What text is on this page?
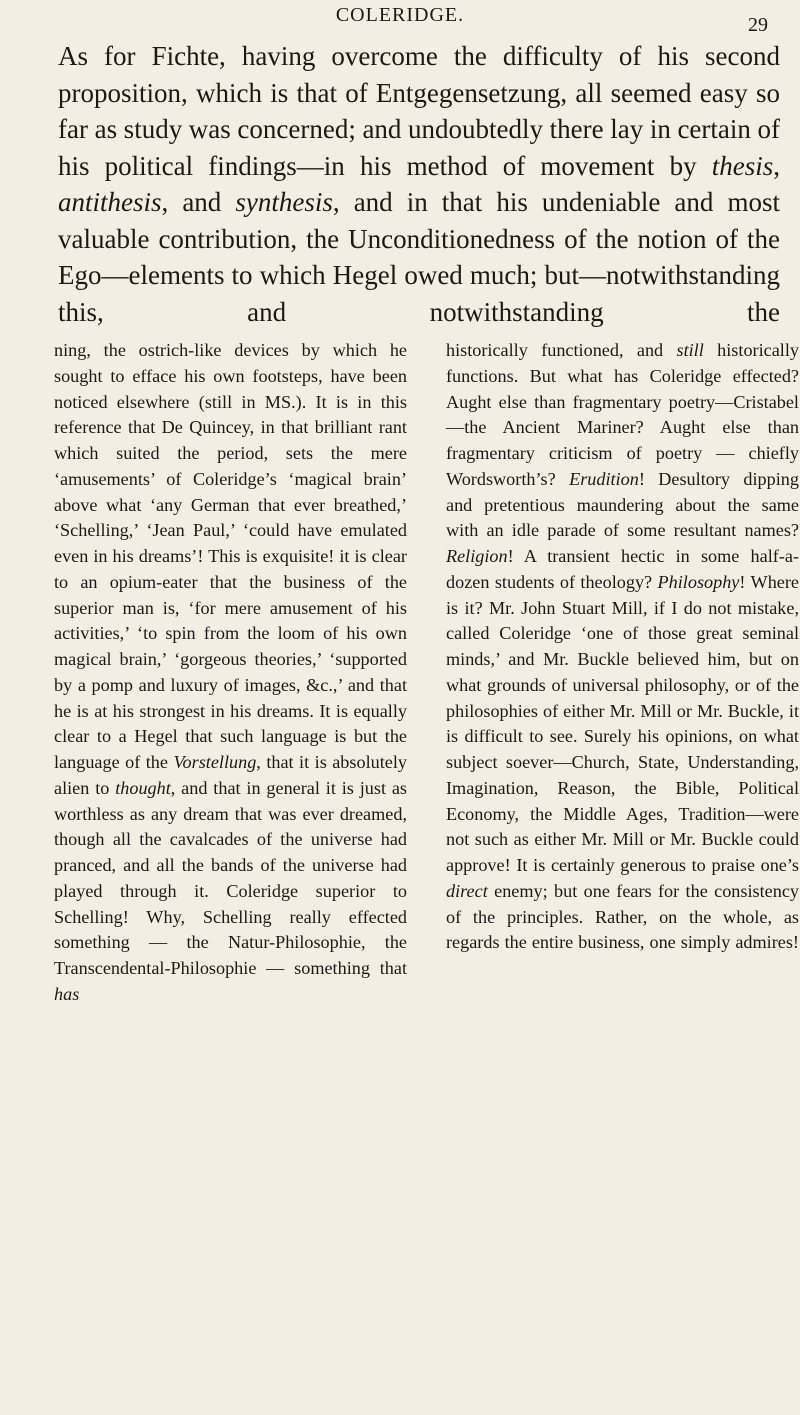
COLERIDGE.	29

As for Fichte, having overcome the difficulty of his second proposition, which is that of Entgegensetzung, all seemed easy so far as study was concerned; and undoubtedly there lay in certain of his political findings—in his method of movement by thesis, antithesis, and synthesis, and in that his undeniable and most valuable contribution, the Unconditionedness of the notion of the Ego—elements to which Hegel owed much; but—notwithstanding this, and notwithstanding the

ning, the ostrich-like devices by which he sought to efface his own footsteps, have been noticed elsewhere (still in MS.). It is in this reference that De Quincey, in that brilliant rant which suited the period, sets the mere ‘amusements’ of Coleridge’s ‘magical brain’ above what ‘any German that ever breathed,’ ‘Schelling,’ ‘Jean Paul,’ ‘could have emulated even in his dreams’! This is exquisite! it is clear to an opium-eater that the business of the superior man is, ‘for mere amusement of his activities,’ ‘to spin from the loom of his own magical brain,’ ‘gorgeous theories,’ ‘supported by a pomp and luxury of images, &c.,’ and that he is at his strongest in his dreams. It is equally clear to a Hegel that such language is but the language of the Vorstellung, that it is absolutely alien to thought, and that in general it is just as worthless as any dream that was ever dreamed, though all the cavalcades of the universe had pranced, and all the bands of the universe had played through it. Coleridge superior to Schelling! Why, Schelling really effected something — the Natur-Philosophie, the Transcendental-Philosophie — something that has

historically functioned, and still historically functions. But what has Coleridge effected? Aught else than fragmentary poetry—Cristabel—the Ancient Mariner? Aught else than fragmentary criticism of poetry — chiefly Wordsworth’s? Erudition! Desultory dipping and pretentious maundering about the same with an idle parade of some resultant names? Religion! A transient hectic in some half-a-dozen students of theology? Philosophy! Where is it? Mr. John Stuart Mill, if I do not mistake, called Coleridge ‘one of those great seminal minds,’ and Mr. Buckle believed him, but on what grounds of universal philosophy, or of the philosophies of either Mr. Mill or Mr. Buckle, it is difficult to see. Surely his opinions, on what subject soever—Church, State, Understanding, Imagination, Reason, the Bible, Political Economy, the Middle Ages, Tradition—were not such as either Mr. Mill or Mr. Buckle could approve! It is certainly generous to praise one’s direct enemy; but one fears for the consistency of the principles. Rather, on the whole, as regards the entire business, one simply admires!
